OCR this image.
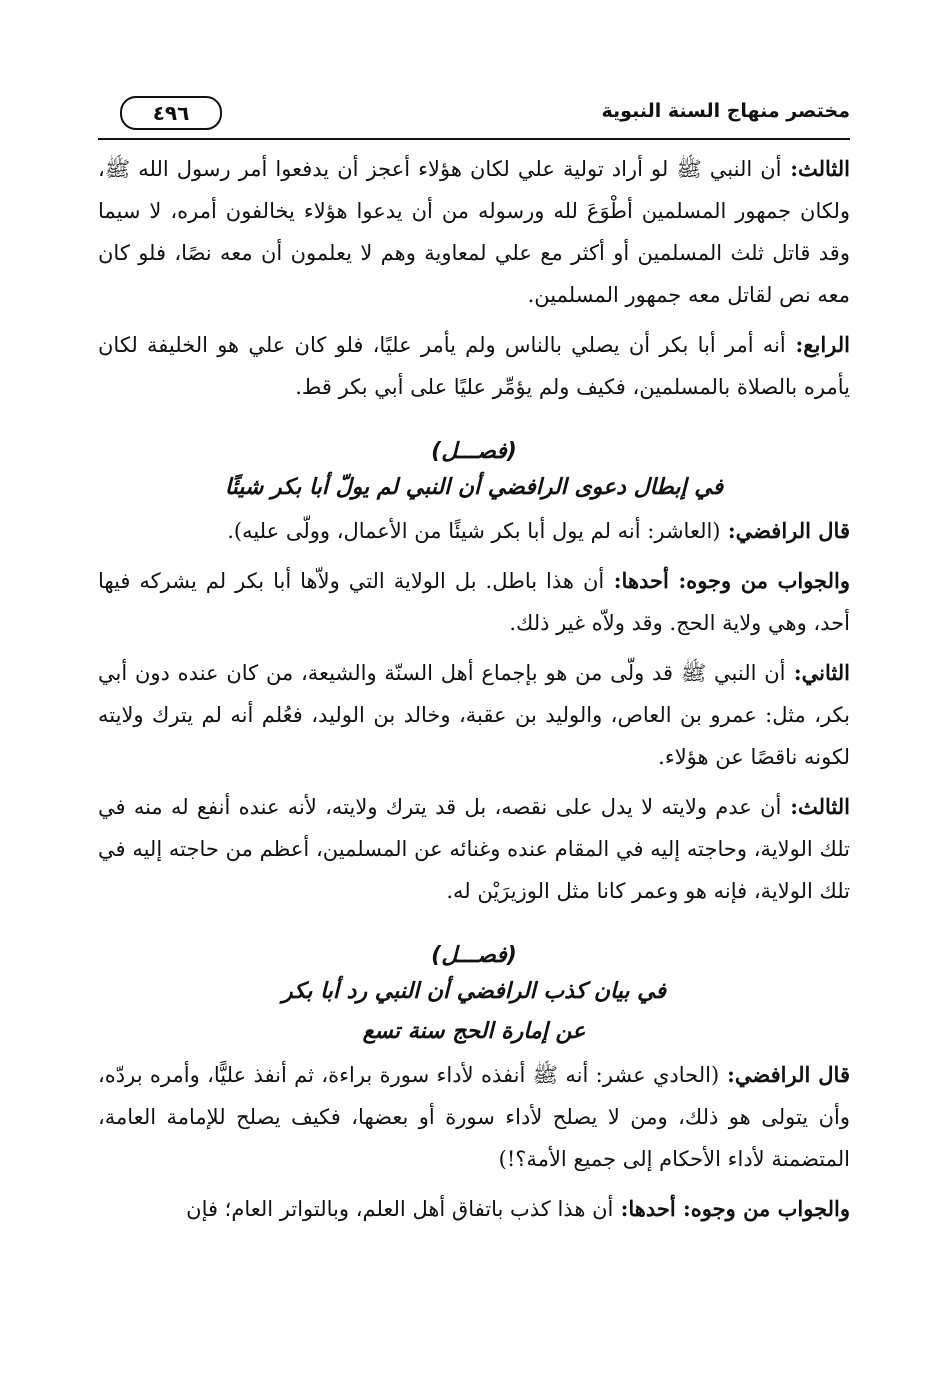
مختصر منهاج السنة النبوية
٤٩٦

الثالث: أن النبي ﷺ لو أراد تولية علي لكان هؤلاء أعجز أن يدفعوا أمر رسول الله ﷺ، ولكان جمهور المسلمين أطْوَعَ لله ورسوله من أن يدعوا هؤلاء يخالفون أمره، لا سيما وقد قاتل ثلث المسلمين أو أكثر مع علي لمعاوية وهم لا يعلمون أن معه نصًا، فلو كان معه نص لقاتل معه جمهور المسلمين.

الرابع: أنه أمر أبا بكر أن يصلي بالناس ولم يأمر عليًا، فلو كان علي هو الخليفة لكان يأمره بالصلاة بالمسلمين، فكيف ولم يؤمِّر عليًا على أبي بكر قط.

(فصـــل)
في إبطال دعوى الرافضي أن النبي لم يولّ أبا بكر شيئًا

قال الرافضي: (العاشر: أنه لم يول أبا بكر شيئًا من الأعمال، وولّى عليه).

والجواب من وجوه: أحدها: أن هذا باطل. بل الولاية التي ولاّها أبا بكر لم يشركه فيها أحد، وهي ولاية الحج. وقد ولاّه غير ذلك.

الثاني: أن النبي ﷺ قد ولّى من هو بإجماع أهل السنّة والشيعة، من كان عنده دون أبي بكر، مثل: عمرو بن العاص، والوليد بن عقبة، وخالد بن الوليد، فعُلم أنه لم يترك ولايته لكونه ناقصًا عن هؤلاء.

الثالث: أن عدم ولايته لا يدل على نقصه، بل قد يترك ولايته، لأنه عنده أنفع له منه في تلك الولاية، وحاجته إليه في المقام عنده وغنائه عن المسلمين، أعظم من حاجته إليه في تلك الولاية، فإنه هو وعمر كانا مثل الوزيرَيْن له.

(فصـــل)
في بيان كذب الرافضي أن النبي رد أبا بكر
عن إمارة الحج سنة تسع

قال الرافضي: (الحادي عشر: أنه ﷺ أنفذه لأداء سورة براءة، ثم أنفذ عليًّا، وأمره بردّه، وأن يتولى هو ذلك، ومن لا يصلح لأداء سورة أو بعضها، فكيف يصلح للإمامة العامة، المتضمنة لأداء الأحكام إلى جميع الأمة؟!)

والجواب من وجوه: أحدها: أن هذا كذب باتفاق أهل العلم، وبالتواتر العام؛ فإن
